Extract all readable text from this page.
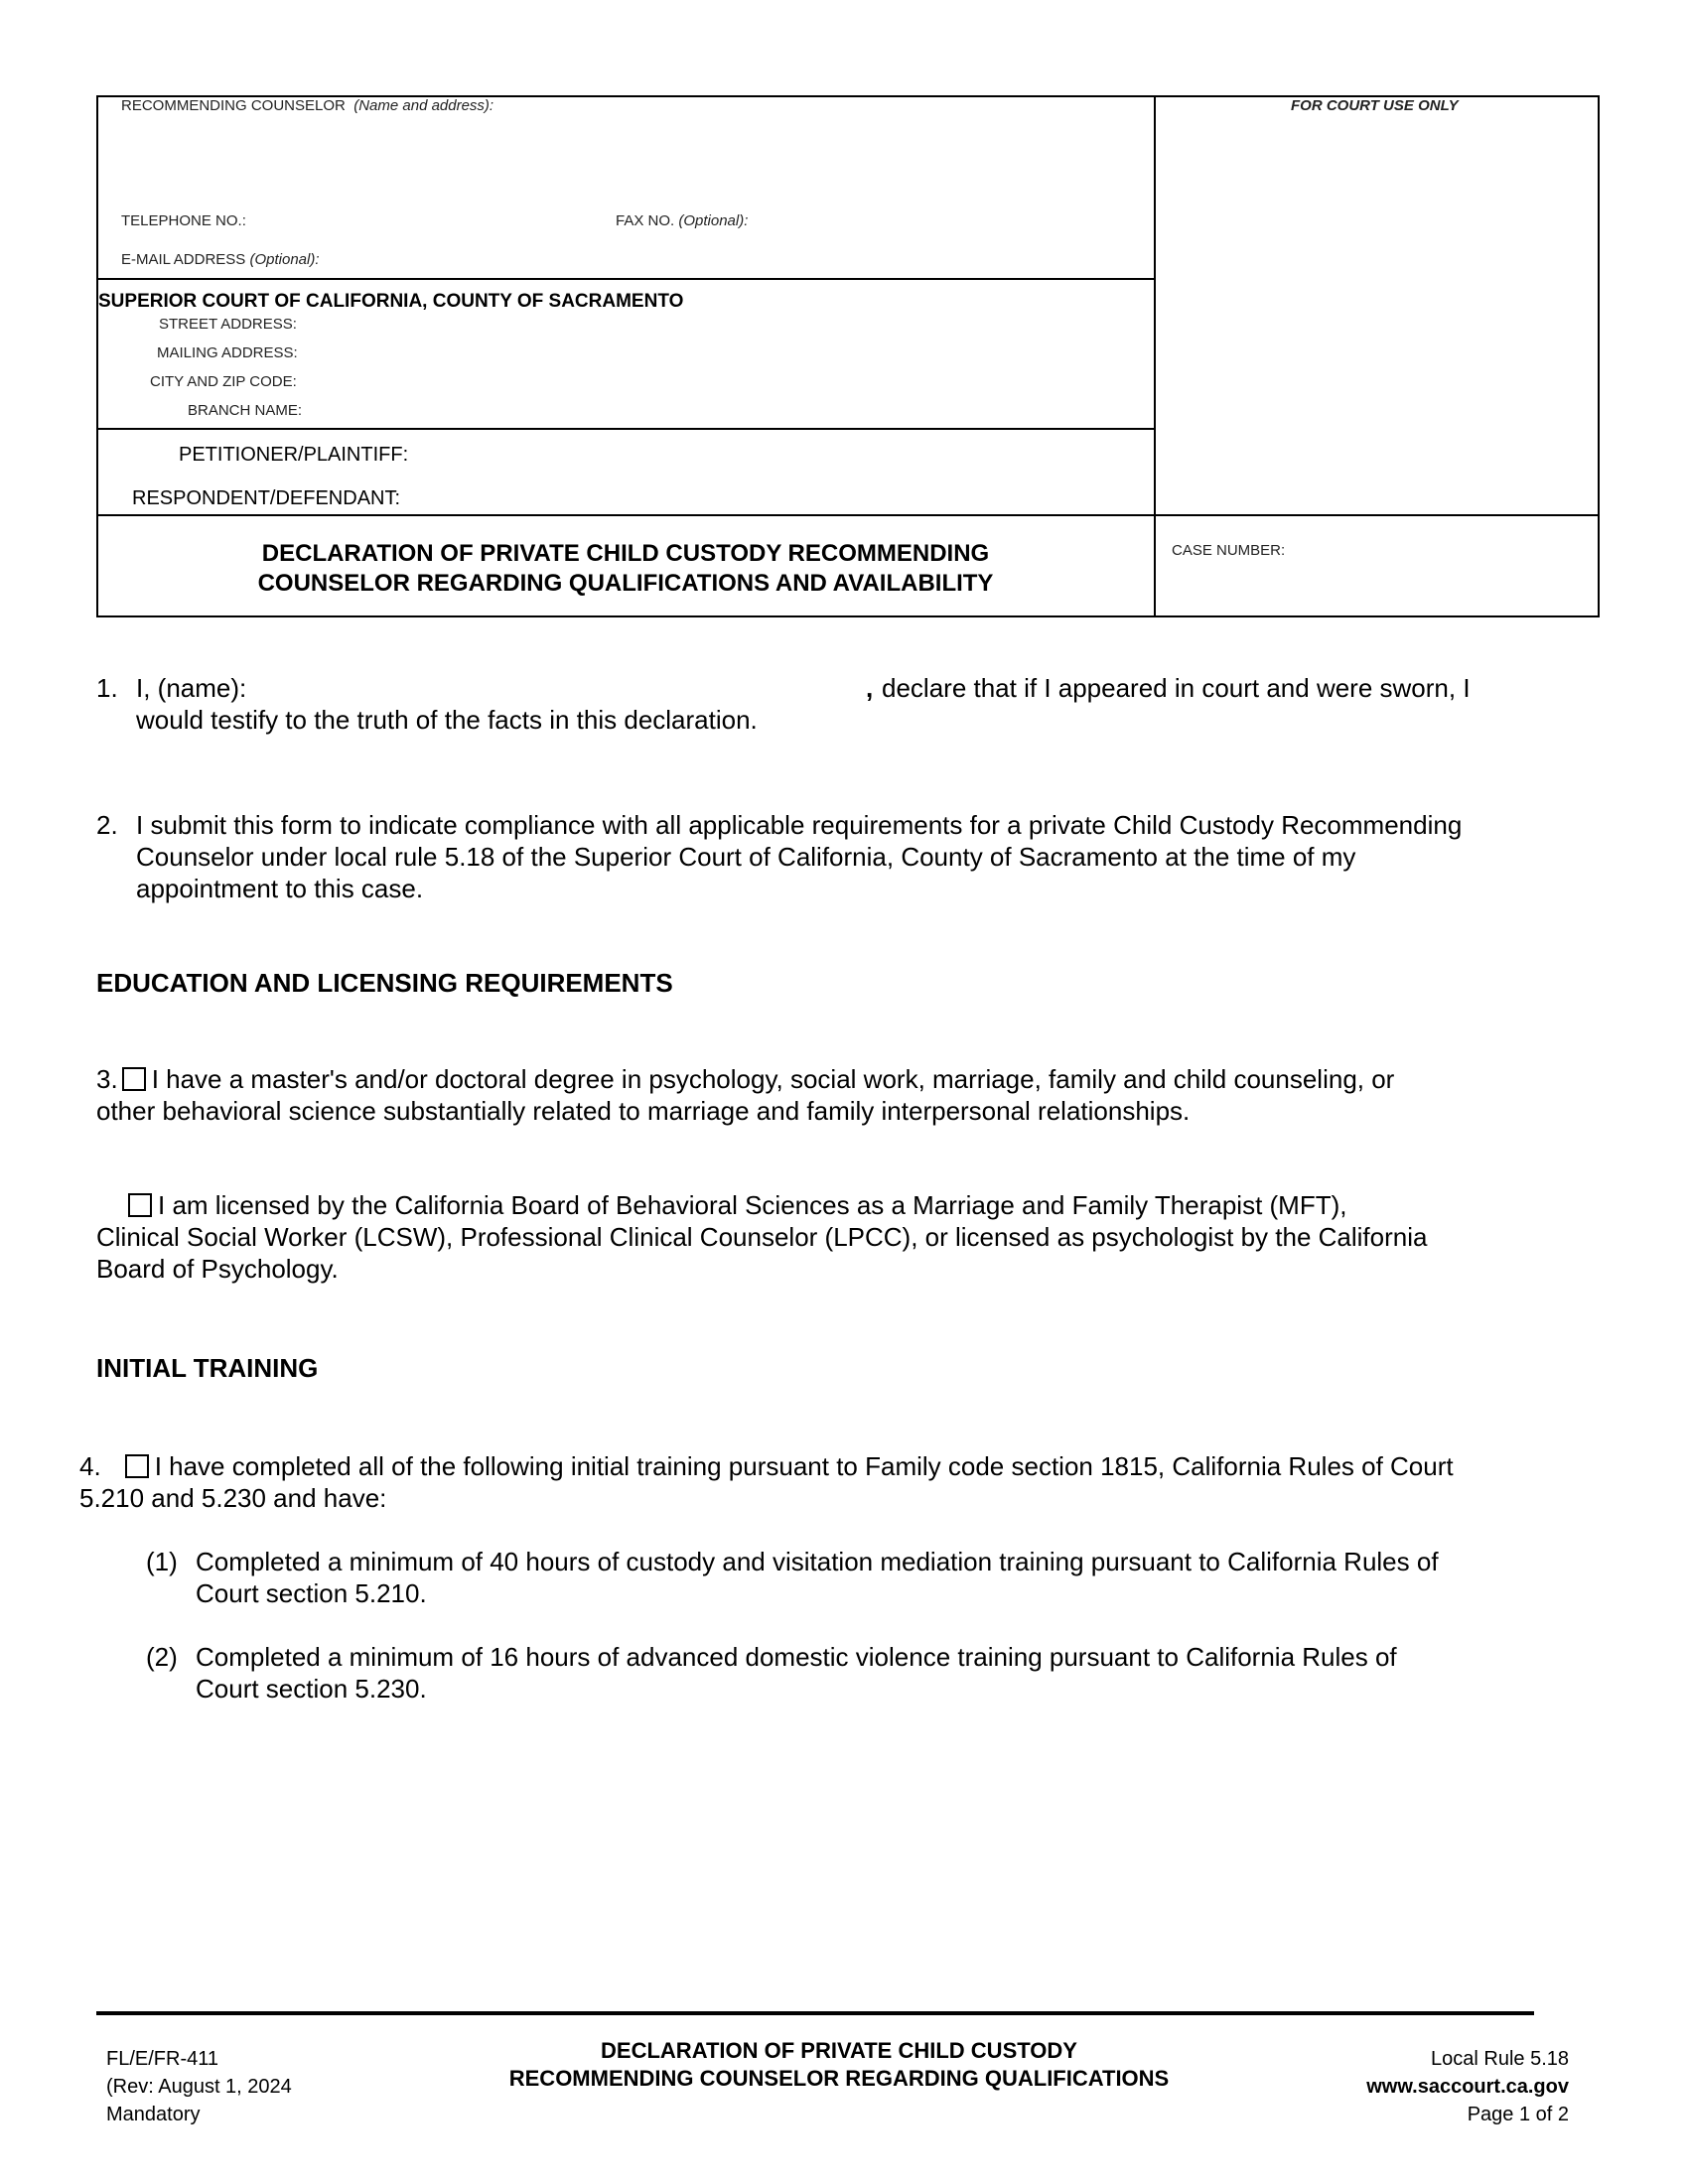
RECOMMENDING COUNSELOR (Name and address):	FOR COURT USE ONLY
TELEPHONE NO.:	FAX NO. (Optional):
E-MAIL ADDRESS (Optional):
SUPERIOR COURT OF CALIFORNIA, COUNTY OF SACRAMENTO
STREET ADDRESS:
MAILING ADDRESS:
CITY AND ZIP CODE:
BRANCH NAME:
PETITIONER/PLAINTIFF:
RESPONDENT/DEFENDANT:
DECLARATION OF PRIVATE CHILD CUSTODY RECOMMENDING
COUNSELOR REGARDING QUALIFICATIONS AND AVAILABILITY
CASE NUMBER:
1. I, (name):	, declare that if I appeared in court and were sworn, I
would testify to the truth of the facts in this declaration.
2. I submit this form to indicate compliance with all applicable requirements for a private Child Custody Recommending
Counselor under local rule 5.18 of the Superior Court of California, County of Sacramento at the time of my
appointment to this case.
EDUCATION AND LICENSING REQUIREMENTS
3. I have a master's and/or doctoral degree in psychology, social work, marriage, family and child counseling, or
other behavioral science substantially related to marriage and family interpersonal relationships.
I am licensed by the California Board of Behavioral Sciences as a Marriage and Family Therapist (MFT),
Clinical Social Worker (LCSW), Professional Clinical Counselor (LPCC), or licensed as psychologist by the California
Board of Psychology.
INITIAL TRAINING
4. I have completed all of the following initial training pursuant to Family code section 1815, California Rules of Court
5.210 and 5.230 and have:
(1) Completed a minimum of 40 hours of custody and visitation mediation training pursuant to California Rules of
Court section 5.210.
(2) Completed a minimum of 16 hours of advanced domestic violence training pursuant to California Rules of
Court section 5.230.
FL/E/FR-411
(Rev: August 1, 2024
Mandatory
DECLARATION OF PRIVATE CHILD CUSTODY
RECOMMENDING COUNSELOR REGARDING QUALIFICATIONS
Local Rule 5.18
www.saccourt.ca.gov
Page 1 of 2
